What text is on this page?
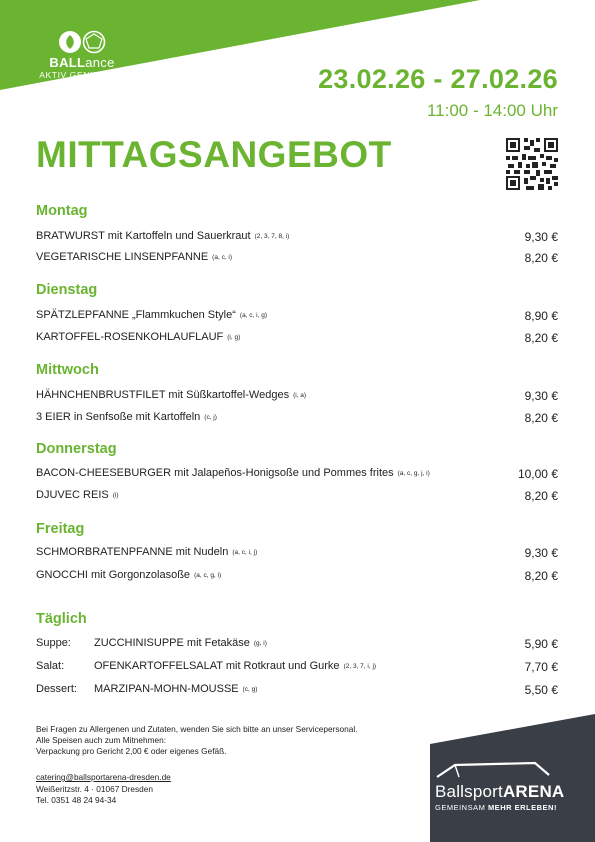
BALLance
AKTIV GENIESSEN	23.02.26 - 27.02.26
11:00 - 14:00 Uhr
MITTAGSANGEBOT
Montag
BRATWURST mit Kartoffeln und Sauerkraut (2, 3, 7, 8, i)	9,30 €
VEGETARISCHE LINSENPFANNE (a, c, i)	8,20 €
Dienstag
SPÄTZLEPFANNE „Flammkuchen Style“ (a, c, i, g)	8,90 €
KARTOFFEL-ROSENKOHLAUFLAUF (i, g)	8,20 €
Mittwoch
HÄHNCHENBRUSTFILET mit Süßkartoffel-Wedges (i, a)	9,30 €
3 EIER in Senfsoße mit Kartoffeln (c, j)	8,20 €
Donnerstag
BACON-CHEESEBURGER mit Jalapeños-Honigsoße und Pommes frites (a, c, g, j, i)	10,00 €
DJUVEC REIS (i)	8,20 €
Freitag
SCHMORBRATENPFANNE mit Nudeln (a, c, i, j)	9,30 €
GNOCCHI mit Gorgonzolasoße (a, c, g, i)	8,20 €
Täglich
Suppe: ZUCCHINISUPPE mit Fetakäse (g, i)	5,90 €
Salat:	OFENKARTOFFELSALAT mit Rotkraut und Gurke (2, 3, 7, i, j)	7,70 €
Dessert: MARZIPAN-MOHN-MOUSSE (c, g)	5,50 €
Bei Fragen zu Allergenen und Zutaten, wenden Sie sich bitte an unser Servicepersonal.
Alle Speisen auch zum Mitnehmen:
Verpackung pro Gericht 2,00 € oder eigenes Gefäß.
catering@ballsportarena-dresden.de
Weißeritzstr. 4 · 01067 Dresden
Tel. 0351 48 24 94-34	BallsportARENA
GEMEINSAM MEHR ERLEBEN!
